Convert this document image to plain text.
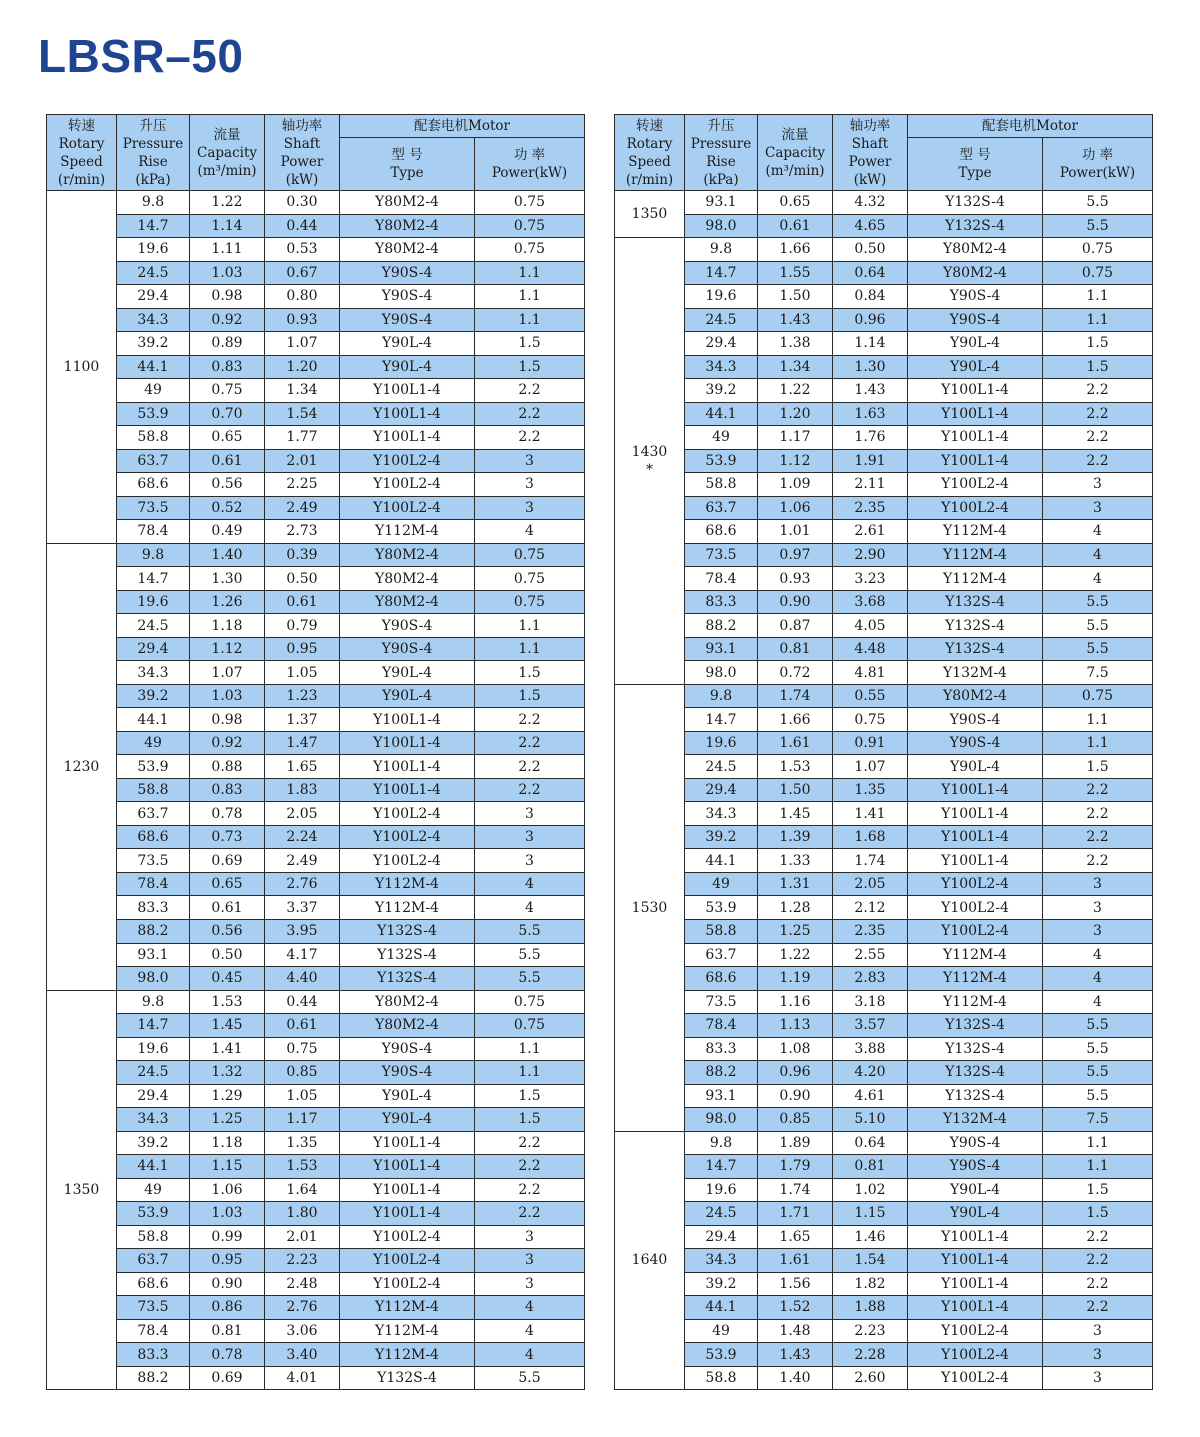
LBSR–50
转速
Rotary
Speed
(r/min)	升压
Pressure
Rise
(kPa)	流量
Capacity
(m³/min)	轴功率
Shaft
Power
(kW)	配套电机Motor	

				型 号
Type	功 率
Power(kW)

1100	9.8	1.22	0.30	Y80M2-4	0.75
	14.7	1.14	0.44	Y80M2-4	0.75
	19.6	1.11	0.53	Y80M2-4	0.75
	24.5	1.03	0.67	Y90S-4	1.1
	29.4	0.98	0.80	Y90S-4	1.1
	34.3	0.92	0.93	Y90S-4	1.1
	39.2	0.89	1.07	Y90L-4	1.5
	44.1	0.83	1.20	Y90L-4	1.5
	49	0.75	1.34	Y100L1-4	2.2
	53.9	0.70	1.54	Y100L1-4	2.2
	58.8	0.65	1.77	Y100L1-4	2.2
	63.7	0.61	2.01	Y100L2-4	3
	68.6	0.56	2.25	Y100L2-4	3
	73.5	0.52	2.49	Y100L2-4	3
	78.4	0.49	2.73	Y112M-4	4
1230	9.8	1.40	0.39	Y80M2-4	0.75
	14.7	1.30	0.50	Y80M2-4	0.75
	19.6	1.26	0.61	Y80M2-4	0.75
	24.5	1.18	0.79	Y90S-4	1.1
	29.4	1.12	0.95	Y90S-4	1.1
	34.3	1.07	1.05	Y90L-4	1.5
	39.2	1.03	1.23	Y90L-4	1.5
	44.1	0.98	1.37	Y100L1-4	2.2
	49	0.92	1.47	Y100L1-4	2.2
	53.9	0.88	1.65	Y100L1-4	2.2
	58.8	0.83	1.83	Y100L1-4	2.2
	63.7	0.78	2.05	Y100L2-4	3
	68.6	0.73	2.24	Y100L2-4	3
	73.5	0.69	2.49	Y100L2-4	3
	78.4	0.65	2.76	Y112M-4	4
	83.3	0.61	3.37	Y112M-4	4
	88.2	0.56	3.95	Y132S-4	5.5
	93.1	0.50	4.17	Y132S-4	5.5
	98.0	0.45	4.40	Y132S-4	5.5
1350	9.8	1.53	0.44	Y80M2-4	0.75
	14.7	1.45	0.61	Y80M2-4	0.75
	19.6	1.41	0.75	Y90S-4	1.1
	24.5	1.32	0.85	Y90S-4	1.1
	29.4	1.29	1.05	Y90L-4	1.5
	34.3	1.25	1.17	Y90L-4	1.5
	39.2	1.18	1.35	Y100L1-4	2.2
	44.1	1.15	1.53	Y100L1-4	2.2
	49	1.06	1.64	Y100L1-4	2.2
	53.9	1.03	1.80	Y100L1-4	2.2
	58.8	0.99	2.01	Y100L2-4	3
	63.7	0.95	2.23	Y100L2-4	3
	68.6	0.90	2.48	Y100L2-4	3
	73.5	0.86	2.76	Y112M-4	4
	78.4	0.81	3.06	Y112M-4	4
	83.3	0.78	3.40	Y112M-4	4
	88.2	0.69	4.01	Y132S-4	5.5
转速
Rotary
Speed
(r/min)	升压
Pressure
Rise
(kPa)	流量
Capacity
(m³/min)	轴功率
Shaft
Power
(kW)	配套电机Motor	

				型 号
Type	功 率
Power(kW)

1350	93.1	0.65	4.32	Y132S-4	5.5
	98.0	0.61	4.65	Y132S-4	5.5
1430
*	9.8	1.66	0.50	Y80M2-4	0.75
	14.7	1.55	0.64	Y80M2-4	0.75
	19.6	1.50	0.84	Y90S-4	1.1
	24.5	1.43	0.96	Y90S-4	1.1
	29.4	1.38	1.14	Y90L-4	1.5
	34.3	1.34	1.30	Y90L-4	1.5
	39.2	1.22	1.43	Y100L1-4	2.2
	44.1	1.20	1.63	Y100L1-4	2.2
	49	1.17	1.76	Y100L1-4	2.2
	53.9	1.12	1.91	Y100L1-4	2.2
	58.8	1.09	2.11	Y100L2-4	3
	63.7	1.06	2.35	Y100L2-4	3
	68.6	1.01	2.61	Y112M-4	4
	73.5	0.97	2.90	Y112M-4	4
	78.4	0.93	3.23	Y112M-4	4
	83.3	0.90	3.68	Y132S-4	5.5
	88.2	0.87	4.05	Y132S-4	5.5
	93.1	0.81	4.48	Y132S-4	5.5
	98.0	0.72	4.81	Y132M-4	7.5
1530	9.8	1.74	0.55	Y80M2-4	0.75
	14.7	1.66	0.75	Y90S-4	1.1
	19.6	1.61	0.91	Y90S-4	1.1
	24.5	1.53	1.07	Y90L-4	1.5
	29.4	1.50	1.35	Y100L1-4	2.2
	34.3	1.45	1.41	Y100L1-4	2.2
	39.2	1.39	1.68	Y100L1-4	2.2
	44.1	1.33	1.74	Y100L1-4	2.2
	49	1.31	2.05	Y100L2-4	3
	53.9	1.28	2.12	Y100L2-4	3
	58.8	1.25	2.35	Y100L2-4	3
	63.7	1.22	2.55	Y112M-4	4
	68.6	1.19	2.83	Y112M-4	4
	73.5	1.16	3.18	Y112M-4	4
	78.4	1.13	3.57	Y132S-4	5.5
	83.3	1.08	3.88	Y132S-4	5.5
	88.2	0.96	4.20	Y132S-4	5.5
	93.1	0.90	4.61	Y132S-4	5.5
	98.0	0.85	5.10	Y132M-4	7.5
1640	9.8	1.89	0.64	Y90S-4	1.1
	14.7	1.79	0.81	Y90S-4	1.1
	19.6	1.74	1.02	Y90L-4	1.5
	24.5	1.71	1.15	Y90L-4	1.5
	29.4	1.65	1.46	Y100L1-4	2.2
	34.3	1.61	1.54	Y100L1-4	2.2
	39.2	1.56	1.82	Y100L1-4	2.2
	44.1	1.52	1.88	Y100L1-4	2.2
	49	1.48	2.23	Y100L2-4	3
	53.9	1.43	2.28	Y100L2-4	3
	58.8	1.40	2.60	Y100L2-4	3
